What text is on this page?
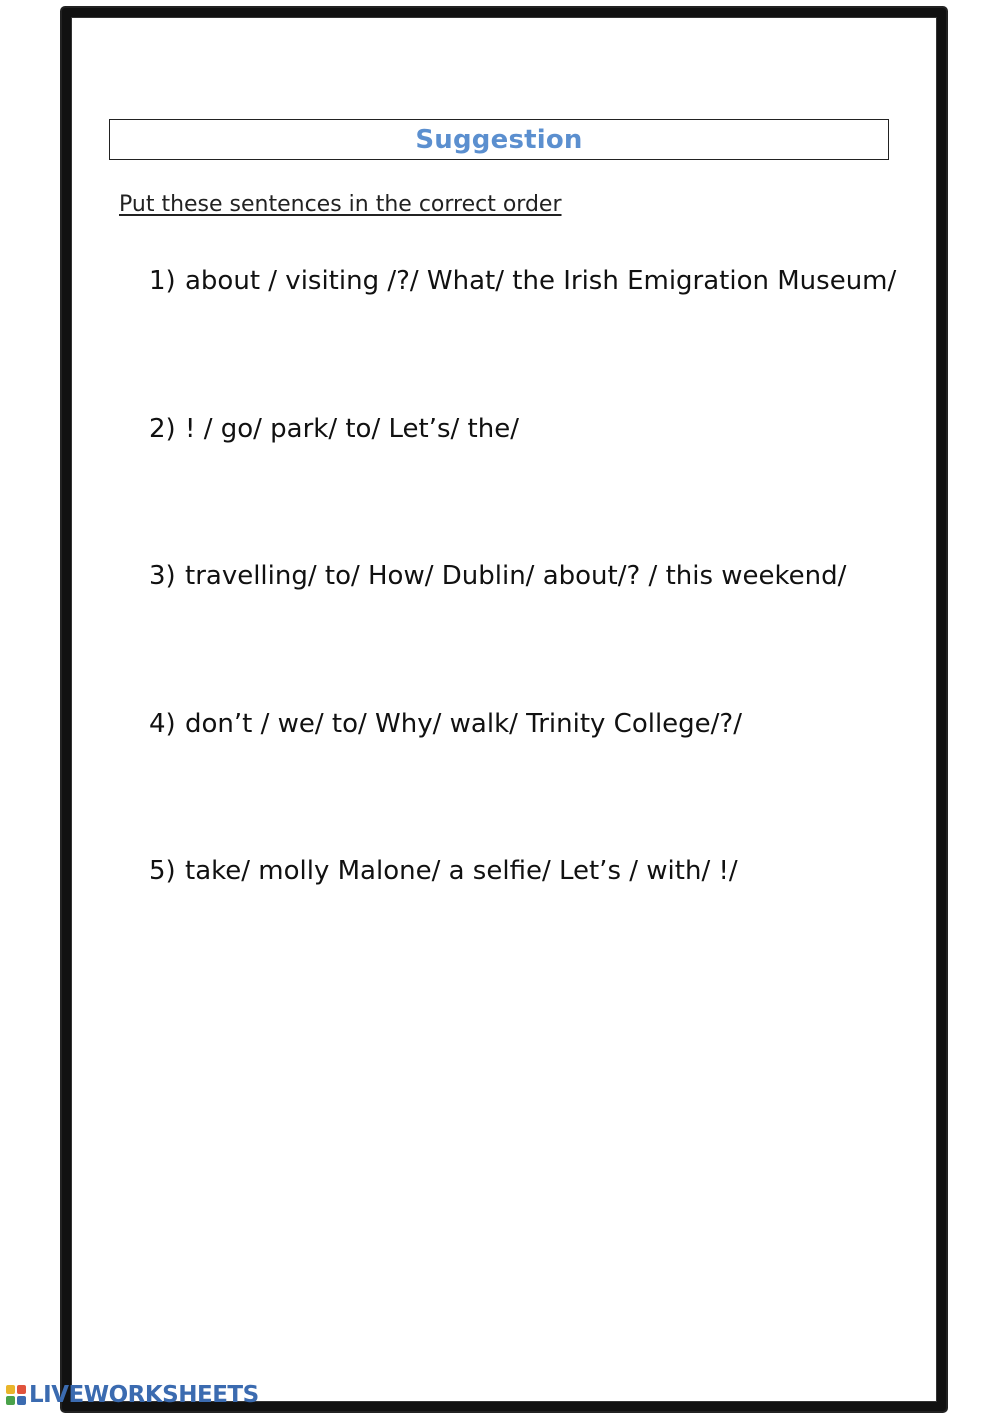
Suggestion
Put these sentences in the correct order
1) about / visiting /?/ What/ the Irish Emigration Museum/
2) ! / go/ park/ to/ Let’s/ the/
3) travelling/ to/ How/ Dublin/ about/? / this weekend/
4) don’t / we/ to/ Why/ walk/ Trinity College/?/
5) take/ molly Malone/ a selfie/ Let’s / with/ !/
LIVEWORKSHEETS
